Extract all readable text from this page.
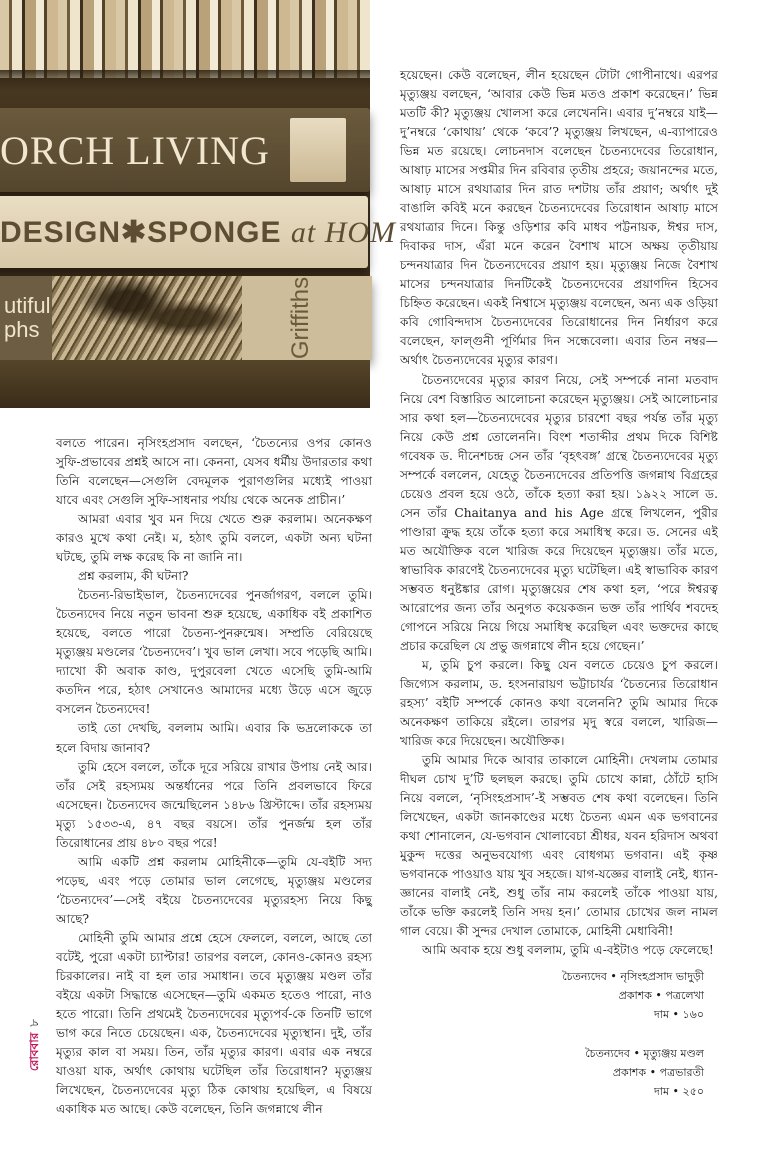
ORCH LIVING
DESIGN✱SPONGE at HOM
utiful
phs	Griffiths

হয়েছেন। কেউ বলেছেন, লীন হয়েছেন টোটা গোপীনাথে। এরপর মৃত্যুঞ্জয় বলছেন, ‘আবার কেউ ভিন্ন মতও প্রকাশ করেছেন।’ ভিন্ন মতটি কী? মৃত্যুঞ্জয় খোলসা করে লেখেননি। এবার দু’নম্বরে যাই—দু’নম্বরে ‘কোথায়’ থেকে ‘কবে’? মৃত্যুঞ্জয় লিখছেন, এ-ব্যাপারেও ভিন্ন মত রয়েছে। লোচনদাস বলেছেন চৈতন্যদেবের তিরোধান, আষাঢ় মাসের সপ্তমীর দিন রবিবার তৃতীয় প্রহরে; জয়ানন্দের মতে, আষাঢ় মাসে রথযাত্রার দিন রাত দশটায় তাঁর প্রয়াণ; অর্থাৎ দুই বাঙালি কবিই মনে করছেন চৈতন্যদেবের তিরোধান আষাঢ় মাসে রথযাত্রার দিনে। কিন্তু ওড়িশার কবি মাধব পট্টনায়ক, ঈশ্বর দাস, দিবাকর দাস, এঁরা মনে করেন বৈশাখ মাসে অক্ষয় তৃতীয়ায় চন্দনযাত্রার দিন চৈতন্যদেবের প্রয়াণ হয়। মৃত্যুঞ্জয় নিজে বৈশাখ মাসের চন্দনযাত্রার দিনটিকেই চৈতন্যদেবের প্রয়াণদিন হিসেব চিহ্নিত করেছেন। একই নিশ্বাসে মৃত্যুঞ্জয় বলেছেন, অন্য এক ওড়িয়া কবি গোবিন্দদাস চৈতন্যদেবের তিরোধানের দিন নির্ধারণ করে বলেছেন, ফাল্গুনী পূর্ণিমার দিন সন্ধেবেলা। এবার তিন নম্বর—অর্থাৎ চৈতন্যদেবের মৃত্যুর কারণ।

চৈতন্যদেবের মৃত্যুর কারণ নিয়ে, সেই সম্পর্কে নানা মতবাদ নিয়ে বেশ বিস্তারিত আলোচনা করেছেন মৃত্যুঞ্জয়। সেই আলোচনার সার কথা হল—চৈতন্যদেবের মৃত্যুর চারশো বছর পর্যন্ত তাঁর মৃত্যু নিয়ে কেউ প্রশ্ন তোলেননি। বিংশ শতাব্দীর প্রথম দিকে বিশিষ্ট গবেষক ড. দীনেশচন্দ্র সেন তাঁর ‘বৃহৎবঙ্গ’ গ্রন্থে চৈতন্যদেবের মৃত্যু সম্পর্কে বললেন, যেহেতু চৈতন্যদেবের প্রতিপত্তি জগন্নাথ বিগ্রহের চেয়েও প্রবল হয়ে ওঠে, তাঁকে হত্যা করা হয়। ১৯২২ সালে ড. সেন তাঁর Chaitanya and his Age গ্রন্থে লিখলেন, পুরীর পাণ্ডারা ক্রুদ্ধ হয়ে তাঁকে হত্যা করে সমাধিস্থ করে। ড. সেনের এই মত অযৌক্তিক বলে খারিজ করে দিয়েছেন মৃত্যুঞ্জয়। তাঁর মতে, স্বাভাবিক কারণেই চৈতন্যদেবের মৃত্যু ঘটেছিল। এই স্বাভাবিক কারণ সম্ভবত ধনুষ্টঙ্কার রোগ। মৃত্যুঞ্জয়ের শেষ কথা হল, ‘পরে ঈশ্বরত্ব আরোপের জন্য তাঁর অনুগত কয়েকজন ভক্ত তাঁর পার্থিব শবদেহ গোপনে সরিয়ে নিয়ে গিয়ে সমাধিস্থ করেছিল এবং ভক্তদের কাছে প্রচার করেছিল যে প্রভু জগন্নাথে লীন হয়ে গেছেন।’

ম, তুমি চুপ করলে। কিছু যেন বলতে চেয়েও চুপ করলে। জিগ্যেস করলাম, ড. হংসনারায়ণ ভট্টাচার্যর ‘চৈতন্যের তিরোধান রহস্য’ বইটি সম্পর্কে কোনও কথা বলেননি? তুমি আমার দিকে অনেকক্ষণ তাকিয়ে রইলে। তারপর মৃদু স্বরে বললে, খারিজ—খারিজ করে দিয়েছেন। অযৌক্তিক।

তুমি আমার দিকে আবার তাকালে মোহিনী। দেখলাম তোমার দীঘল চোখ দু’টি ছলছল করছে। তুমি চোখে কান্না, ঠোঁটে হাসি নিয়ে বললে, ‘নৃসিংহপ্রসাদ’-ই সম্ভবত শেষ কথা বলেছেন। তিনি লিখেছেন, একটা জানকাণ্ডের মধ্যে চৈতন্য এমন এক ভগবানের কথা শোনালেন, যে-ভগবান খোলাবেচা শ্রীধর, যবন হরিদাস অথবা মুকুন্দ দত্তের অনুভবযোগ্য এবং বোধগম্য ভগবান। এই কৃষ্ণ ভগবানকে পাওয়াও যায় খুব সহজে। যাগ-যজ্ঞের বালাই নেই, ধ্যান-জ্ঞানের বালাই নেই, শুধু তাঁর নাম করলেই তাঁকে পাওয়া যায়, তাঁকে ভক্তি করলেই তিনি সদয় হন।’ তোমার চোখের জল নামল গাল বেয়ে। কী সুন্দর দেখাল তোমাকে, মোহিনী মেধাবিনী!

আমি অবাক হয়ে শুধু বললাম, তুমি এ-বইটাও পড়ে ফেলেছে!

বলতে পারেন। নৃসিংহপ্রসাদ বলছেন, ‘চৈতন্যের ওপর কোনও সুফি-প্রভাবের প্রশ্নই আসে না। কেননা, যেসব ধর্মীয় উদারতার কথা তিনি বলেছেন—সেগুলি বেদমূলক পুরাণগুলির মধ্যেই পাওয়া যাবে এবং সেগুলি সুফি-সাধনার পর্যায় থেকে অনেক প্রাচীন।’

আমরা এবার খুব মন দিয়ে খেতে শুরু করলাম। অনেকক্ষণ কারও মুখে কথা নেই। ম, হঠাৎ তুমি বললে, একটা অন্য ঘটনা ঘটছে, তুমি লক্ষ করেছ কি না জানি না।

প্রশ্ন করলাম, কী ঘটনা?

চৈতন্য-রিভাইভাল, চৈতন্যদেবের পুনর্জাগরণ, বললে তুমি। চৈতন্যদেব নিয়ে নতুন ভাবনা শুরু হয়েছে, একাধিক বই প্রকাশিত হয়েছে, বলতে পারো চৈতন্য-পুনরুন্মেষ। সম্প্রতি বেরিয়েছে মৃত্যুঞ্জয় মণ্ডলের ‘চৈতন্যদেব’। খুব ভাল লেখা। সবে পড়েছি আমি। দ্যাখো কী অবাক কাণ্ড, দুপুরবেলা খেতে এসেছি তুমি-আমি কতদিন পরে, হঠাৎ সেখানেও আমাদের মধ্যে উড়ে এসে জুড়ে বসলেন চৈতন্যদেব!

তাই তো দেখছি, বললাম আমি। এবার কি ভদ্রলোককে তা হলে বিদায় জানাব?

তুমি হেসে বললে, তাঁকে দূরে সরিয়ে রাখার উপায় নেই আর। তাঁর সেই রহস্যময় অন্তর্ধানের পরে তিনি প্রবলভাবে ফিরে এসেছেন। চৈতন্যদেব জন্মেছিলেন ১৪৮৬ খ্রিস্টাব্দে। তাঁর রহস্যময় মৃত্যু ১৫৩৩-এ, ৪৭ বছর বয়সে। তাঁর পুনর্জন্ম হল তাঁর তিরোধানের প্রায় ৪৮০ বছর পরে!

আমি একটি প্রশ্ন করলাম মোহিনীকে—তুমি যে-বইটি সদ্য পড়েছ, এবং পড়ে তোমার ভাল লেগেছে, মৃত্যুঞ্জয় মণ্ডলের ‘চৈতন্যদেব’—সেই বইয়ে চৈতন্যদেবের মৃত্যুরহস্য নিয়ে কিছু আছে?

মোহিনী তুমি আমার প্রশ্নে হেসে ফেললে, বললে, আছে তো বটেই, পুরো একটা চ্যাপ্টার! তারপর বললে, কোনও-কোনও রহস্য চিরকালের। নাই বা হল তার সমাধান। তবে মৃত্যুঞ্জয় মণ্ডল তাঁর বইয়ে একটা সিদ্ধান্তে এসেছেন—তুমি একমত হতেও পারো, নাও হতে পারো। তিনি প্রথমেই চৈতন্যদেবের মৃত্যুপর্ব-কে তিনটি ভাগে ভাগ করে নিতে চেয়েছেন। এক, চৈতন্যদেবের মৃত্যুস্থান। দুই, তাঁর মৃত্যুর কাল বা সময়। তিন, তাঁর মৃত্যুর কারণ। এবার এক নম্বরে যাওয়া যাক, অর্থাৎ কোথায় ঘটেছিল তাঁর তিরোধান? মৃত্যুঞ্জয় লিখেছেন, চৈতন্যদেবের মৃত্যু ঠিক কোথায় হয়েছিল, এ বিষয়ে একাধিক মত আছে। কেউ বলেছেন, তিনি জগন্নাথে লীন

চৈতন্যদেব • নৃসিংহপ্রসাদ ভাদুড়ী
প্রকাশক • পত্রলেখা
দাম • ১৬০
চৈতন্যদেব • মৃত্যুঞ্জয় মণ্ডল
প্রকাশক • পত্রভারতী
দাম • ২৫০
রোববার
৮
